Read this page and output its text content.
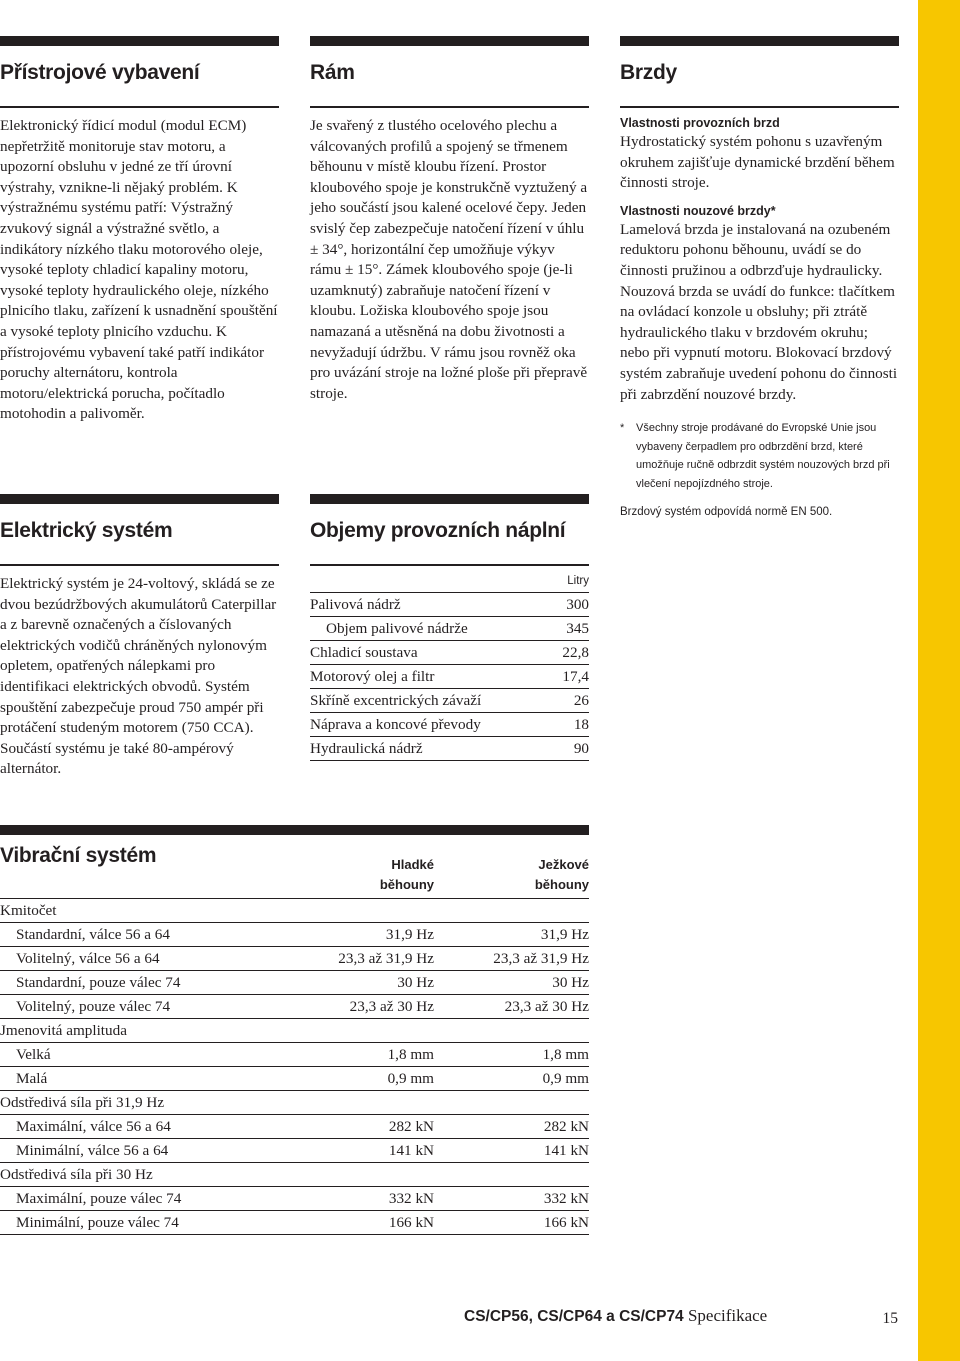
Přístrojové vybavení
Elektronický řídicí modul (modul ECM) nepřetržitě monitoruje stav motoru, a upozorní obsluhu v jedné ze tří úrovní výstrahy, vznikne-li nějaký problém. K výstražnému systému patří: Výstražný zvukový signál a výstražné světlo, a indikátory nízkého tlaku motorového oleje, vysoké teploty chladicí kapaliny motoru, vysoké teploty hydraulického oleje, nízkého plnicího tlaku, zařízení k usnadnění spouštění a vysoké teploty plnicího vzduchu. K přístrojovému vybavení také patří indikátor poruchy alternátoru, kontrola motoru/elektrická porucha, počítadlo motohodin a palivoměr.
Rám
Je svařený z tlustého ocelového plechu a válcovaných profilů a spojený se třmenem běhounu v místě kloubu řízení. Prostor kloubového spoje je konstrukčně vyztužený a jeho součástí jsou kalené ocelové čepy. Jeden svislý čep zabezpečuje natočení řízení v úhlu ± 34°, horizontální čep umožňuje výkyv rámu ± 15°. Zámek kloubového spoje (je-li uzamknutý) zabraňuje natočení řízení v kloubu. Ložiska kloubového spoje jsou namazaná a utěsněná na dobu životnosti a nevyžadují údržbu. V rámu jsou rovněž oka pro uvázání stroje na ložné ploše při přepravě stroje.
Brzdy
Vlastnosti provozních brzd
Hydrostatický systém pohonu s uzavřeným okruhem zajišťuje dynamické brzdění během činnosti stroje.
Vlastnosti nouzové brzdy*
Lamelová brzda je instalovaná na ozubeném reduktoru pohonu běhounu, uvádí se do činnosti pružinou a odbrzďuje hydraulicky. Nouzová brzda se uvádí do funkce: tlačítkem na ovládací konzole u obsluhy; při ztrátě hydraulického tlaku v brzdovém okruhu; nebo při vypnutí motoru. Blokovací brzdový systém zabraňuje uvedení pohonu do činnosti při zabrzdění nouzové brzdy.
* Všechny stroje prodávané do Evropské Unie jsou vybaveny čerpadlem pro odbrzdění brzd, které umožňuje ručně odbrzdit systém nouzových brzd při vlečení nepojízdného stroje.
Brzdový systém odpovídá normě EN 500.
Elektrický systém
Elektrický systém je 24-voltový, skládá se ze dvou bezúdržbových akumulátorů Caterpillar a z barevně označených a číslovaných elektrických vodičů chráněných nylonovým opletem, opatřených nálepkami pro identifikaci elektrických obvodů. Systém spouštění zabezpečuje proud 750 ampér při protáčení studeným motorem (750 CCA). Součástí systému je také 80-ampérový alternátor.
Objemy provozních náplní
	Litry
Palivová nádrž	300
Objem palivové nádrže	345
Chladicí soustava	22,8
Motorový olej a filtr	17,4
Skříně excentrických závaží	26
Náprava a koncové převody	18
Hydraulická nádrž	90
Vibrační systém
		Hladké běhouny	Ježkové běhouny
Kmitočet		
Standardní, válce 56 a 64	31,9 Hz	31,9 Hz
Volitelný, válce 56 a 64	23,3 až 31,9 Hz	23,3 až 31,9 Hz
Standardní, pouze válec 74	30 Hz	30 Hz
Volitelný, pouze válec 74	23,3 až 30 Hz	23,3 až 30 Hz
Jmenovitá amplituda		
Velká	1,8 mm	1,8 mm
Malá	0,9 mm	0,9 mm
Odstředivá síla při 31,9 Hz		
Maximální, válce 56 a 64	282 kN	282 kN
Minimální, válce 56 a 64	141 kN	141 kN
Odstředivá síla při 30 Hz		
Maximální, pouze válec 74	332 kN	332 kN
Minimální, pouze válec 74	166 kN	166 kN
CS/CP56, CS/CP64 a CS/CP74 Specifikace	15
